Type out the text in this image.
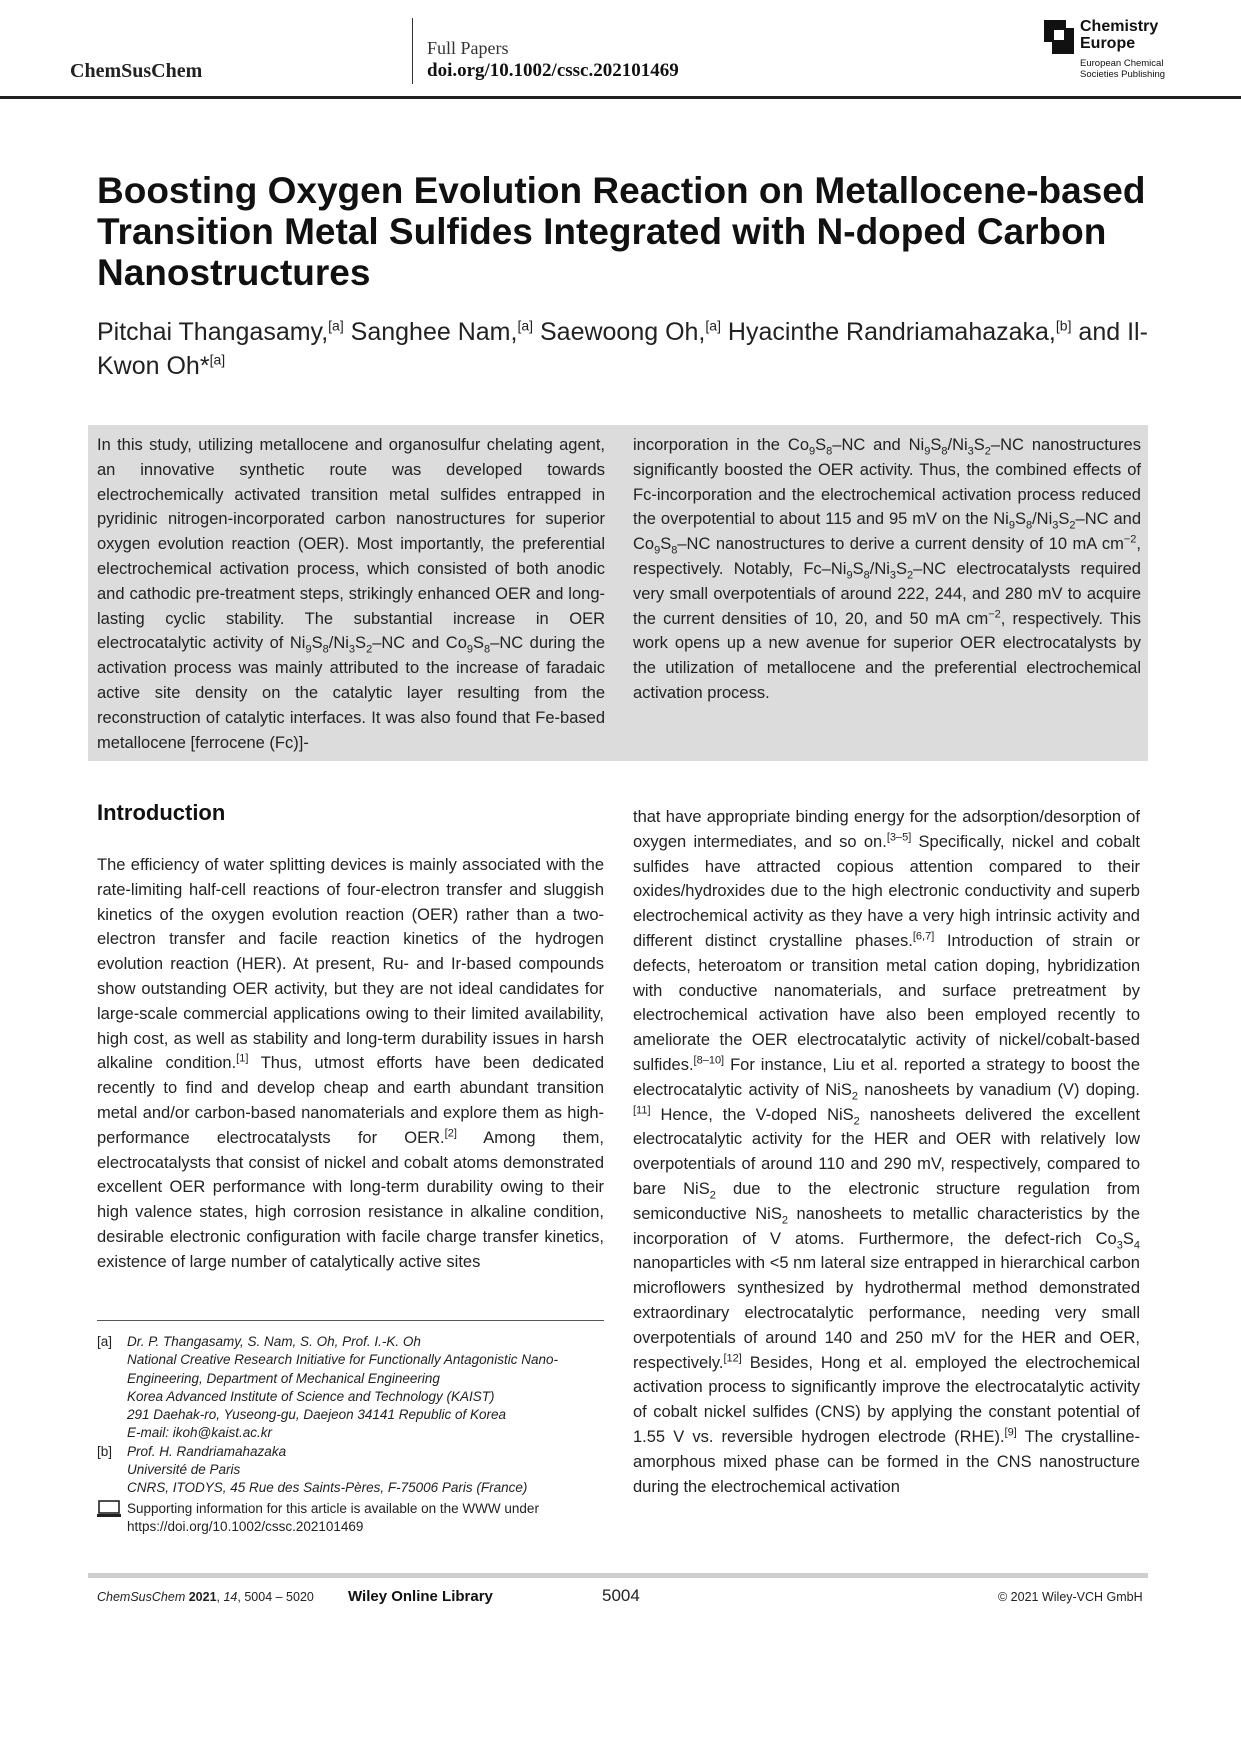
ChemSusChem
Full Papers
doi.org/10.1002/cssc.202101469
Chemistry
Europe
European Chemical
Societies Publishing
Boosting Oxygen Evolution Reaction on Metallocene-based Transition Metal Sulfides Integrated with N-doped Carbon Nanostructures
Pitchai Thangasamy,[a] Sanghee Nam,[a] Saewoong Oh,[a] Hyacinthe Randriamahazaka,[b] and Il-Kwon Oh*[a]
In this study, utilizing metallocene and organosulfur chelating agent, an innovative synthetic route was developed towards electrochemically activated transition metal sulfides entrapped in pyridinic nitrogen-incorporated carbon nanostructures for superior oxygen evolution reaction (OER). Most importantly, the preferential electrochemical activation process, which consisted of both anodic and cathodic pre-treatment steps, strikingly enhanced OER and long-lasting cyclic stability. The substantial increase in OER electrocatalytic activity of $Ni_9S_8/Ni_3S_2-NC$ and $Co_9S_8-NC$ during the activation process was mainly attributed to the increase of faradaic active site density on the catalytic layer resulting from the reconstruction of catalytic interfaces. It was also found that Fe-based metallocene [ferrocene (Fc)]-
incorporation in the $Co_9S_8-NC$ and $Ni_9S_8/Ni_3S_2-NC$ nanostructures significantly boosted the OER activity. Thus, the combined effects of Fc-incorporation and the electrochemical activation process reduced the overpotential to about 115 and 95 mV on the $Ni_9S_8/Ni_3S_2-NC$ and $Co_9S_8-NC$ nanostructures to derive a current density of 10 mA $cm^{-2}$, respectively. Notably, $Fc-Ni_9S_8/Ni_3S_2-NC$ electrocatalysts required very small overpotentials of around 222, 244, and 280 mV to acquire the current densities of 10, 20, and 50 mA $cm^{-2}$, respectively. This work opens up a new avenue for superior OER electrocatalysts by the utilization of metallocene and the preferential electrochemical activation process.
Introduction
The efficiency of water splitting devices is mainly associated with the rate-limiting half-cell reactions of four-electron transfer and sluggish kinetics of the oxygen evolution reaction (OER) rather than a two-electron transfer and facile reaction kinetics of the hydrogen evolution reaction (HER). At present, Ru- and Ir-based compounds show outstanding OER activity, but they are not ideal candidates for large-scale commercial applications owing to their limited availability, high cost, as well as stability and long-term durability issues in harsh alkaline condition.[1] Thus, utmost efforts have been dedicated recently to find and develop cheap and earth abundant transition metal and/or carbon-based nanomaterials and explore them as high-performance electrocatalysts for OER.[2] Among them, electrocatalysts that consist of nickel and cobalt atoms demonstrated excellent OER performance with long-term durability owing to their high valence states, high corrosion resistance in alkaline condition, desirable electronic configuration with facile charge transfer kinetics, existence of large number of catalytically active sites
that have appropriate binding energy for the adsorption/desorption of oxygen intermediates, and so on.[3–5] Specifically, nickel and cobalt sulfides have attracted copious attention compared to their oxides/hydroxides due to the high electronic conductivity and superb electrochemical activity as they have a very high intrinsic activity and different distinct crystalline phases.[6,7] Introduction of strain or defects, heteroatom or transition metal cation doping, hybridization with conductive nanomaterials, and surface pretreatment by electrochemical activation have also been employed recently to ameliorate the OER electrocatalytic activity of nickel/cobalt-based sulfides.[8–10] For instance, Liu et al. reported a strategy to boost the electrocatalytic activity of NiS$_2$ nanosheets by vanadium (V) doping.[11] Hence, the V-doped NiS$_2$ nanosheets delivered the excellent electrocatalytic activity for the HER and OER with relatively low overpotentials of around 110 and 290 mV, respectively, compared to bare NiS$_2$ due to the electronic structure regulation from semiconductive NiS$_2$ nanosheets to metallic characteristics by the incorporation of V atoms. Furthermore, the defect-rich $Co_3S_4$ nanoparticles with <5 nm lateral size entrapped in hierarchical carbon microflowers synthesized by hydrothermal method demonstrated extraordinary electrocatalytic performance, needing very small overpotentials of around 140 and 250 mV for the HER and OER, respectively.[12] Besides, Hong et al. employed the electrochemical activation process to significantly improve the electrocatalytic activity of cobalt nickel sulfides (CNS) by applying the constant potential of 1.55 V vs. reversible hydrogen electrode (RHE).[9] The crystalline-amorphous mixed phase can be formed in the CNS nanostructure during the electrochemical activation
[a]	Dr. P. Thangasamy, S. Nam, S. Oh, Prof. I.-K. Oh
National Creative Research Initiative for Functionally Antagonistic Nano-Engineering, Department of Mechanical Engineering
Korea Advanced Institute of Science and Technology (KAIST)
291 Daehak-ro, Yuseong-gu, Daejeon 34141 Republic of Korea
E-mail: ikoh@kaist.ac.kr
[b]	Prof. H. Randriamahazaka
Université de Paris
CNRS, ITODYS, 45 Rue des Saints-Pères, F-75006 Paris (France)
Supporting information for this article is available on the WWW under https://doi.org/10.1002/cssc.202101469
ChemSusChem 2021, 14, 5004 – 5020 Wiley Online Library	5004	© 2021 Wiley-VCH GmbH
